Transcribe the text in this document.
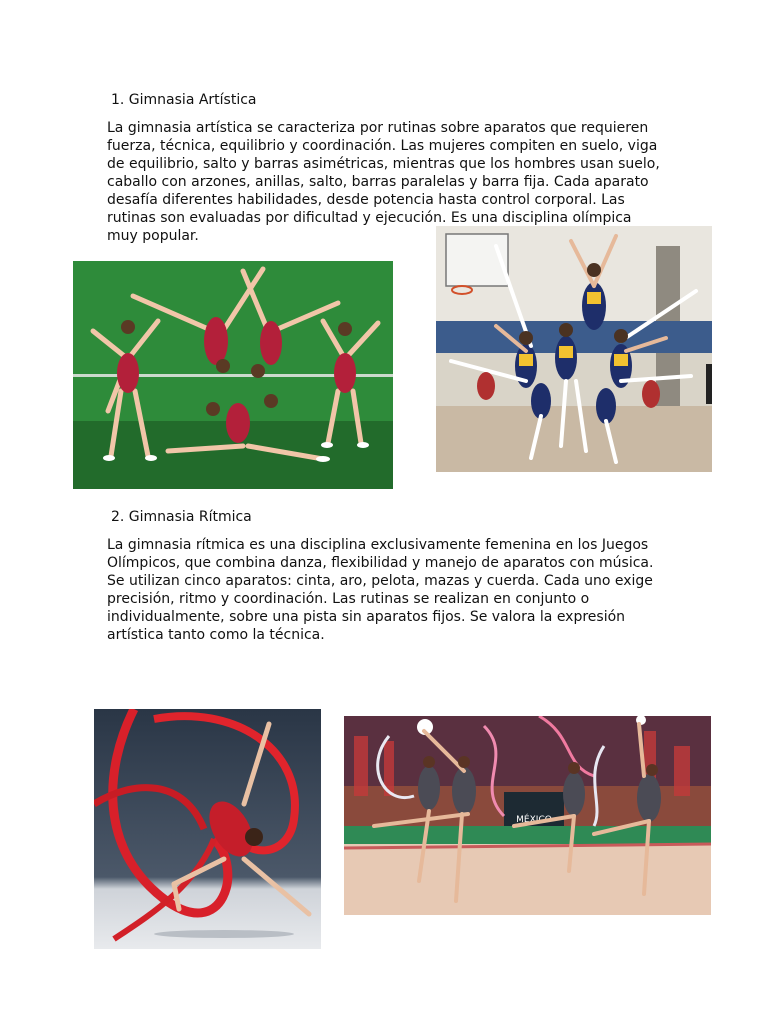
1. Gimnasia Artística

La gimnasia artística se caracteriza por rutinas sobre aparatos que requieren fuerza, técnica, equilibrio y coordinación. Las mujeres compiten en suelo, viga de equilibrio, salto y barras asimétricas, mientras que los hombres usan suelo, caballo con arzones, anillas, salto, barras paralelas y barra fija. Cada aparato desafía diferentes habilidades, desde potencia hasta control corporal. Las rutinas son evaluadas por dificultad y ejecución. Es una disciplina olímpica muy popular.

2. Gimnasia Rítmica

La gimnasia rítmica es una disciplina exclusivamente femenina en los Juegos Olímpicos, que combina danza, flexibilidad y manejo de aparatos con música. Se utilizan cinco aparatos: cinta, aro, pelota, mazas y cuerda. Cada uno exige precisión, ritmo y coordinación. Las rutinas se realizan en conjunto o individualmente, sobre una pista sin aparatos fijos. Se valora la expresión artística tanto como la técnica.

MÉXICO
